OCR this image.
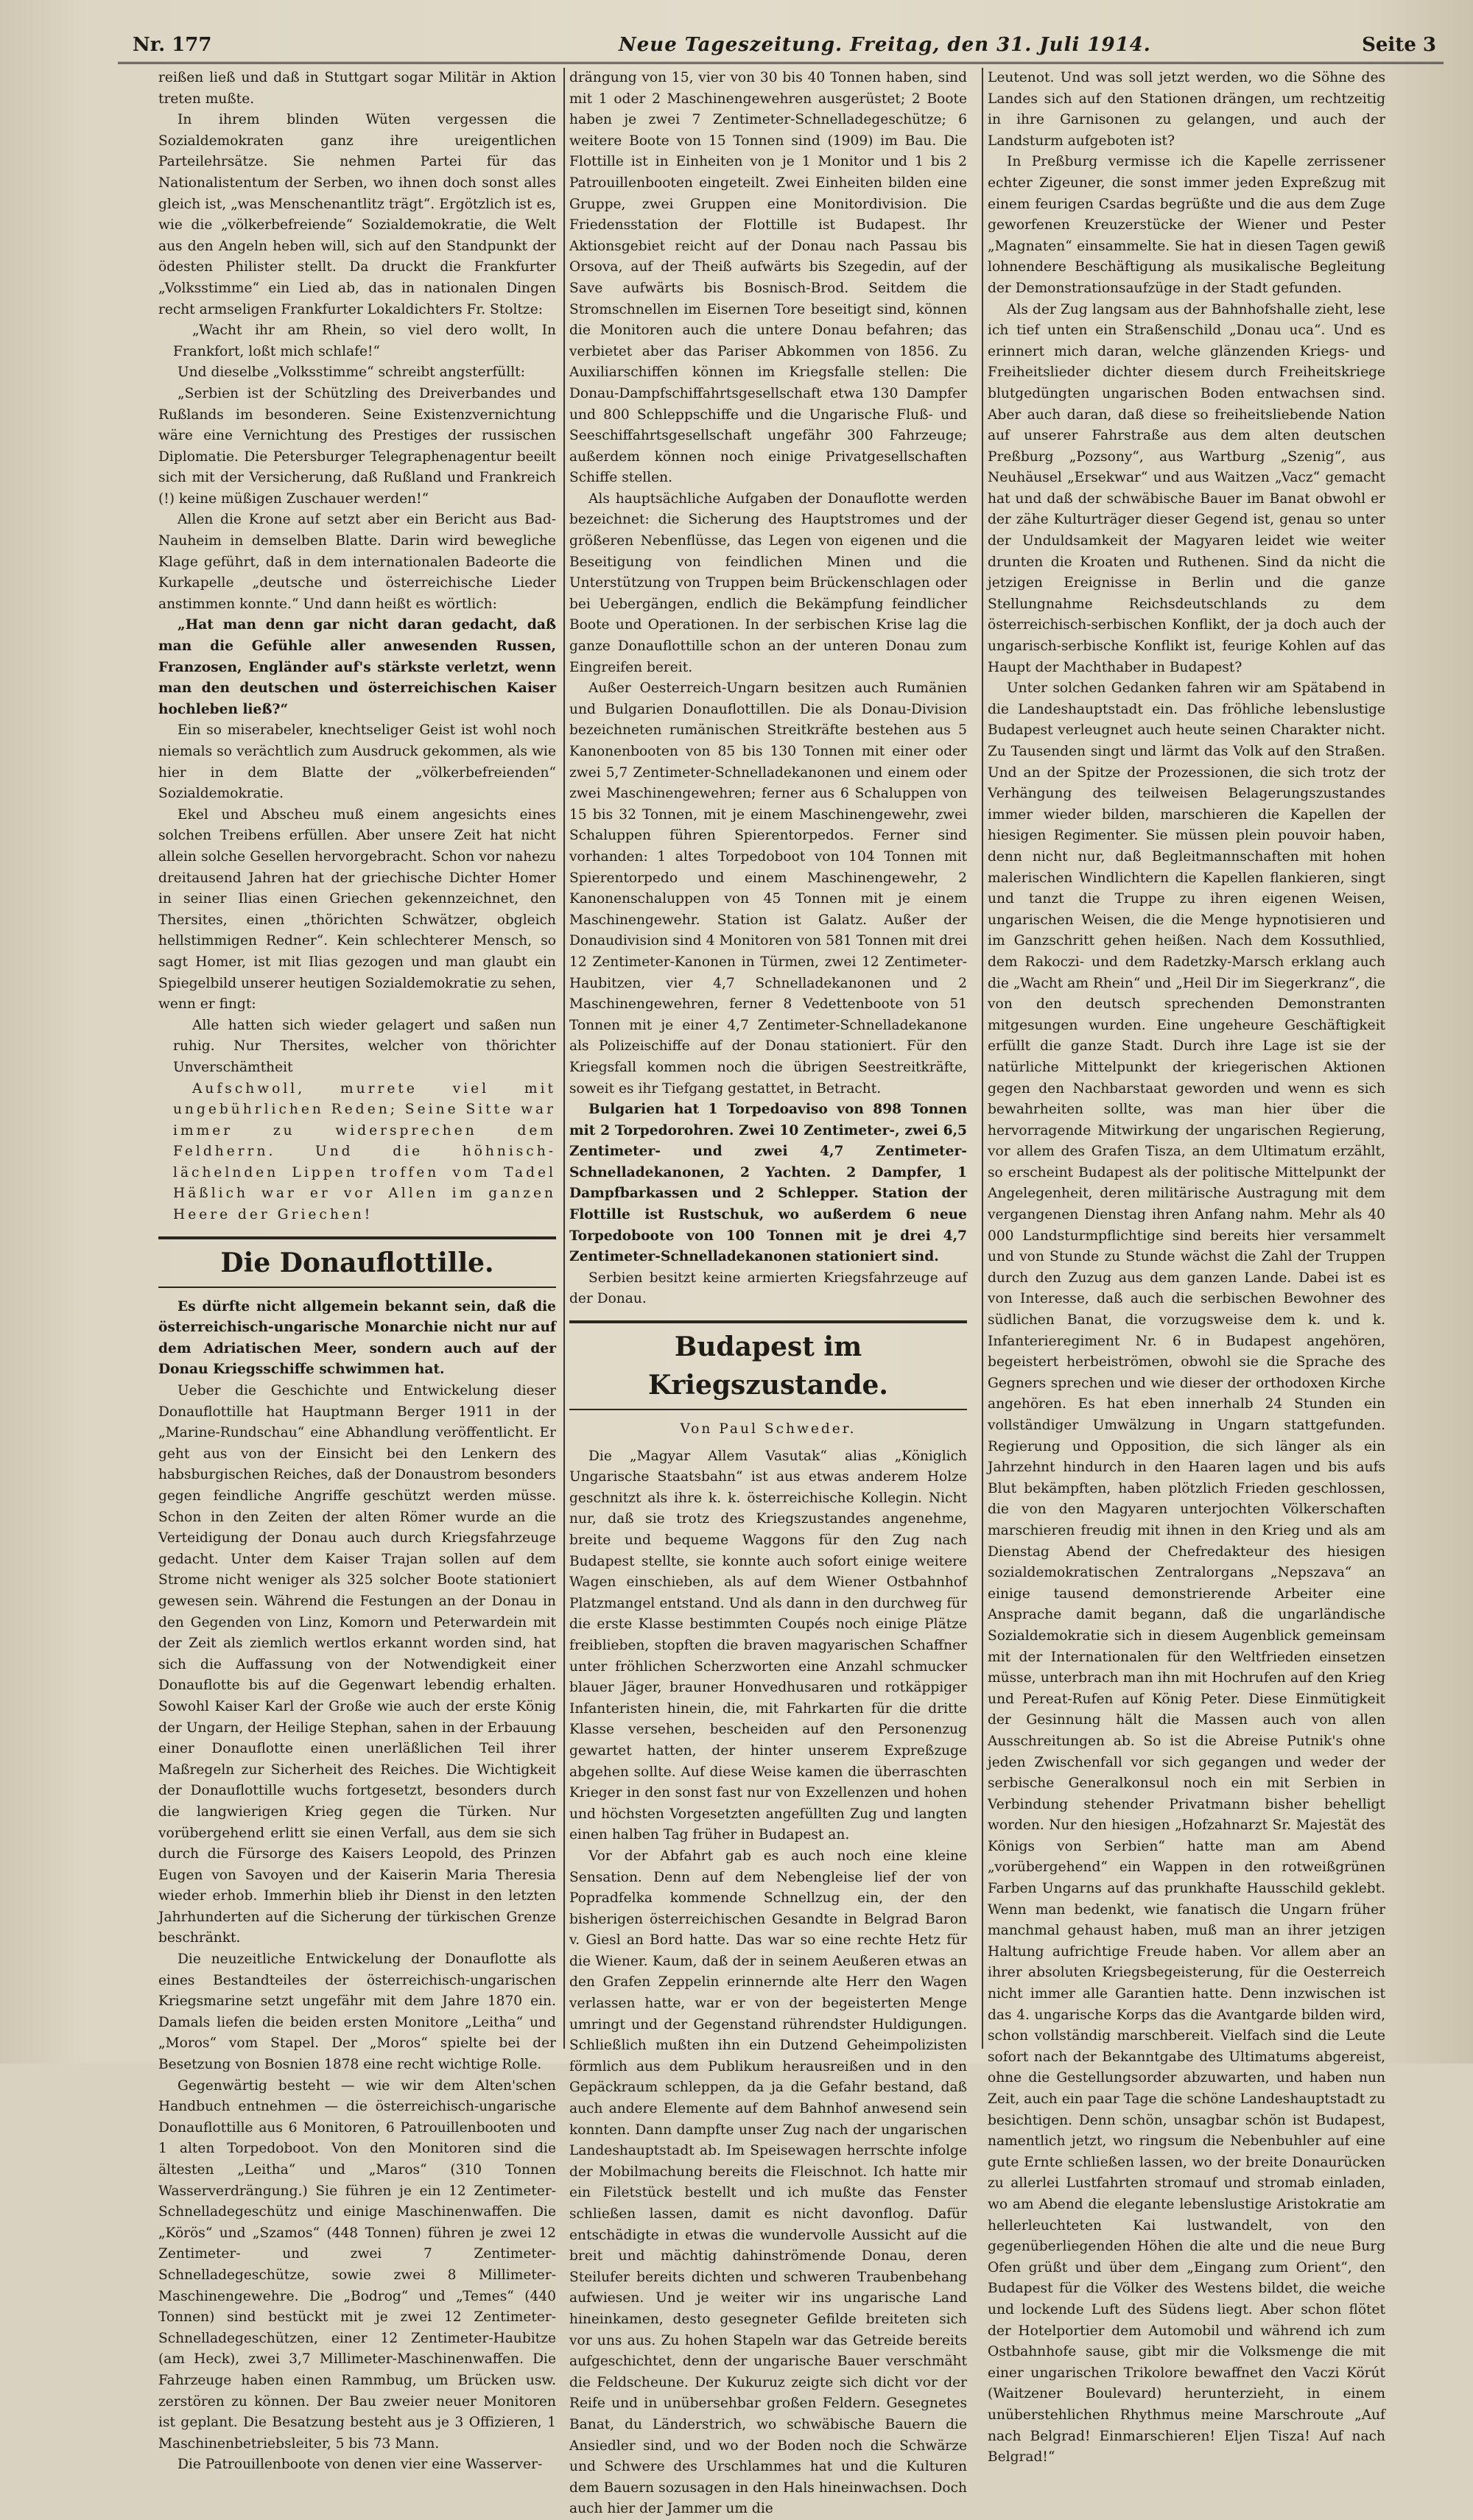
Nr. 177	Neue Tageszeitung. Freitag, den 31. Juli 1914.	Seite 3

reißen ließ und daß in Stuttgart sogar Militär in Aktion treten mußte.

In ihrem blinden Wüten vergessen die Sozialdemokraten ganz ihre ureigentlichen Parteilehrsätze. Sie nehmen Partei für das Nationalistentum der Serben, wo ihnen doch sonst alles gleich ist, „was Menschenantlitz trägt“. Ergötzlich ist es, wie die „völkerbefreiende“ Sozialdemokratie, die Welt aus den Angeln heben will, sich auf den Standpunkt der ödesten Philister stellt. Da druckt die Frankfurter „Volksstimme“ ein Lied ab, das in nationalen Dingen recht armseligen Frankfurter Lokaldichters Fr. Stoltze:

„Wacht ihr am Rhein, so viel dero wollt, In Frankfort, loßt mich schlafe!“

Und dieselbe „Volksstimme“ schreibt angsterfüllt:

„Serbien ist der Schützling des Dreiverbandes und Rußlands im besonderen. Seine Existenzvernichtung wäre eine Vernichtung des Prestiges der russischen Diplomatie. Die Petersburger Telegraphenagentur beeilt sich mit der Versicherung, daß Rußland und Frankreich (!) keine müßigen Zuschauer werden!“

Allen die Krone auf setzt aber ein Bericht aus Bad-Nauheim in demselben Blatte. Darin wird bewegliche Klage geführt, daß in dem internationalen Badeorte die Kurkapelle „deutsche und österreichische Lieder anstimmen konnte.“ Und dann heißt es wörtlich:

„Hat man denn gar nicht daran gedacht, daß man die Gefühle aller anwesenden Russen, Franzosen, Engländer auf's stärkste verletzt, wenn man den deutschen und österreichischen Kaiser hochleben ließ?“

Ein so miserabeler, knechtseliger Geist ist wohl noch niemals so verächtlich zum Ausdruck gekommen, als wie hier in dem Blatte der „völkerbefreienden“ Sozialdemokratie.

Ekel und Abscheu muß einem angesichts eines solchen Treibens erfüllen. Aber unsere Zeit hat nicht allein solche Gesellen hervorgebracht. Schon vor nahezu dreitausend Jahren hat der griechische Dichter Homer in seiner Ilias einen Griechen gekennzeichnet, den Thersites, einen „thörichten Schwätzer, obgleich hellstimmigen Redner“. Kein schlechterer Mensch, so sagt Homer, ist mit Ilias gezogen und man glaubt ein Spiegelbild unserer heutigen Sozialdemokratie zu sehen, wenn er fingt:

Alle hatten sich wieder gelagert und saßen nun ruhig. Nur Thersites, welcher von thörichter Unverschämtheit

Aufschwoll, murrete viel mit ungebührlichen Reden; Seine Sitte war immer zu widersprechen dem Feldherrn. Und die höhnisch-lächelnden Lippen troffen vom Tadel Häßlich war er vor Allen im ganzen Heere der Griechen!

Die Donauflottille.

Es dürfte nicht allgemein bekannt sein, daß die österreichisch-ungarische Monarchie nicht nur auf dem Adriatischen Meer, sondern auch auf der Donau Kriegsschiffe schwimmen hat.

Ueber die Geschichte und Entwickelung dieser Donauflottille hat Hauptmann Berger 1911 in der „Marine-Rundschau“ eine Abhandlung veröffentlicht. Er geht aus von der Einsicht bei den Lenkern des habsburgischen Reiches, daß der Donaustrom besonders gegen feindliche Angriffe geschützt werden müsse. Schon in den Zeiten der alten Römer wurde an die Verteidigung der Donau auch durch Kriegsfahrzeuge gedacht. Unter dem Kaiser Trajan sollen auf dem Strome nicht weniger als 325 solcher Boote stationiert gewesen sein. Während die Festungen an der Donau in den Gegenden von Linz, Komorn und Peterwardein mit der Zeit als ziemlich wertlos erkannt worden sind, hat sich die Auffassung von der Notwendigkeit einer Donauflotte bis auf die Gegenwart lebendig erhalten. Sowohl Kaiser Karl der Große wie auch der erste König der Ungarn, der Heilige Stephan, sahen in der Erbauung einer Donauflotte einen unerläßlichen Teil ihrer Maßregeln zur Sicherheit des Reiches. Die Wichtigkeit der Donauflottille wuchs fortgesetzt, besonders durch die langwierigen Krieg gegen die Türken. Nur vorübergehend erlitt sie einen Verfall, aus dem sie sich durch die Fürsorge des Kaisers Leopold, des Prinzen Eugen von Savoyen und der Kaiserin Maria Theresia wieder erhob. Immerhin blieb ihr Dienst in den letzten Jahrhunderten auf die Sicherung der türkischen Grenze beschränkt.

Die neuzeitliche Entwickelung der Donauflotte als eines Bestandteiles der österreichisch-ungarischen Kriegsmarine setzt ungefähr mit dem Jahre 1870 ein. Damals liefen die beiden ersten Monitore „Leitha“ und „Moros“ vom Stapel. Der „Moros“ spielte bei der Besetzung von Bosnien 1878 eine recht wichtige Rolle.

Gegenwärtig besteht — wie wir dem Alten'schen Handbuch entnehmen — die österreichisch-ungarische Donauflottille aus 6 Monitoren, 6 Patrouillenbooten und 1 alten Torpedoboot. Von den Monitoren sind die ältesten „Leitha“ und „Maros“ (310 Tonnen Wasserverdrängung.) Sie führen je ein 12 Zentimeter-Schnelladegeschütz und einige Maschinenwaffen. Die „Körös“ und „Szamos“ (448 Tonnen) führen je zwei 12 Zentimeter- und zwei 7 Zentimeter-Schnelladegeschütze, sowie zwei 8 Millimeter-Maschinengewehre. Die „Bodrog“ und „Temes“ (440 Tonnen) sind bestückt mit je zwei 12 Zentimeter-Schnelladegeschützen, einer 12 Zentimeter-Haubitze (am Heck), zwei 3,7 Millimeter-Maschinenwaffen. Die Fahrzeuge haben einen Rammbug, um Brücken usw. zerstören zu können. Der Bau zweier neuer Monitoren ist geplant. Die Besatzung besteht aus je 3 Offizieren, 1 Maschinenbetriebsleiter, 5 bis 73 Mann.

Die Patrouillenboote von denen vier eine Wasserver-

drängung von 15, vier von 30 bis 40 Tonnen haben, sind mit 1 oder 2 Maschinengewehren ausgerüstet; 2 Boote haben je zwei 7 Zentimeter-Schnelladegeschütze; 6 weitere Boote von 15 Tonnen sind (1909) im Bau. Die Flottille ist in Einheiten von je 1 Monitor und 1 bis 2 Patrouillenbooten eingeteilt. Zwei Einheiten bilden eine Gruppe, zwei Gruppen eine Monitordivision. Die Friedensstation der Flottille ist Budapest. Ihr Aktionsgebiet reicht auf der Donau nach Passau bis Orsova, auf der Theiß aufwärts bis Szegedin, auf der Save aufwärts bis Bosnisch-Brod. Seitdem die Stromschnellen im Eisernen Tore beseitigt sind, können die Monitoren auch die untere Donau befahren; das verbietet aber das Pariser Abkommen von 1856. Zu Auxiliarschiffen können im Kriegsfalle stellen: Die Donau-Dampfschiffahrtsgesellschaft etwa 130 Dampfer und 800 Schleppschiffe und die Ungarische Fluß- und Seeschiffahrtsgesellschaft ungefähr 300 Fahrzeuge; außerdem können noch einige Privatgesellschaften Schiffe stellen.

Als hauptsächliche Aufgaben der Donauflotte werden bezeichnet: die Sicherung des Hauptstromes und der größeren Nebenflüsse, das Legen von eigenen und die Beseitigung von feindlichen Minen und die Unterstützung von Truppen beim Brückenschlagen oder bei Uebergängen, endlich die Bekämpfung feindlicher Boote und Operationen. In der serbischen Krise lag die ganze Donauflottille schon an der unteren Donau zum Eingreifen bereit.

Außer Oesterreich-Ungarn besitzen auch Rumänien und Bulgarien Donauflottillen. Die als Donau-Division bezeichneten rumänischen Streitkräfte bestehen aus 5 Kanonenbooten von 85 bis 130 Tonnen mit einer oder zwei 5,7 Zentimeter-Schnelladekanonen und einem oder zwei Maschinengewehren; ferner aus 6 Schaluppen von 15 bis 32 Tonnen, mit je einem Maschinengewehr, zwei Schaluppen führen Spierentorpedos. Ferner sind vorhanden: 1 altes Torpedoboot von 104 Tonnen mit Spierentorpedo und einem Maschinengewehr, 2 Kanonenschaluppen von 45 Tonnen mit je einem Maschinengewehr. Station ist Galatz. Außer der Donaudivision sind 4 Monitoren von 581 Tonnen mit drei 12 Zentimeter-Kanonen in Türmen, zwei 12 Zentimeter-Haubitzen, vier 4,7 Schnelladekanonen und 2 Maschinengewehren, ferner 8 Vedettenboote von 51 Tonnen mit je einer 4,7 Zentimeter-Schnelladekanone als Polizeischiffe auf der Donau stationiert. Für den Kriegsfall kommen noch die übrigen Seestreitkräfte, soweit es ihr Tiefgang gestattet, in Betracht.

Bulgarien hat 1 Torpedoaviso von 898 Tonnen mit 2 Torpedorohren. Zwei 10 Zentimeter-, zwei 6,5 Zentimeter- und zwei 4,7 Zentimeter-Schnelladekanonen, 2 Yachten. 2 Dampfer, 1 Dampfbarkassen und 2 Schlepper. Station der Flottille ist Rustschuk, wo außerdem 6 neue Torpedoboote von 100 Tonnen mit je drei 4,7 Zentimeter-Schnelladekanonen stationiert sind.

Serbien besitzt keine armierten Kriegsfahrzeuge auf der Donau.

Budapest im Kriegszustande.
Von Paul Schweder.

Die „Magyar Allem Vasutak“ alias „Königlich Ungarische Staatsbahn“ ist aus etwas anderem Holze geschnitzt als ihre k. k. österreichische Kollegin. Nicht nur, daß sie trotz des Kriegszustandes angenehme, breite und bequeme Waggons für den Zug nach Budapest stellte, sie konnte auch sofort einige weitere Wagen einschieben, als auf dem Wiener Ostbahnhof Platzmangel entstand. Und als dann in den durchweg für die erste Klasse bestimmten Coupés noch einige Plätze freiblieben, stopften die braven magyarischen Schaffner unter fröhlichen Scherzworten eine Anzahl schmucker blauer Jäger, brauner Honvedhusaren und rotkäppiger Infanteristen hinein, die, mit Fahrkarten für die dritte Klasse versehen, bescheiden auf den Personenzug gewartet hatten, der hinter unserem Expreßzuge abgehen sollte. Auf diese Weise kamen die überraschten Krieger in den sonst fast nur von Exzellenzen und hohen und höchsten Vorgesetzten angefüllten Zug und langten einen halben Tag früher in Budapest an.

Vor der Abfahrt gab es auch noch eine kleine Sensation. Denn auf dem Nebengleise lief der von Popradfelka kommende Schnellzug ein, der den bisherigen österreichischen Gesandte in Belgrad Baron v. Giesl an Bord hatte. Das war so eine rechte Hetz für die Wiener. Kaum, daß der in seinem Aeußeren etwas an den Grafen Zeppelin erinnernde alte Herr den Wagen verlassen hatte, war er von der begeisterten Menge umringt und der Gegenstand rührendster Huldigungen. Schließlich mußten ihn ein Dutzend Geheimpolizisten förmlich aus dem Publikum herausreißen und in den Gepäckraum schleppen, da ja die Gefahr bestand, daß auch andere Elemente auf dem Bahnhof anwesend sein konnten. Dann dampfte unser Zug nach der ungarischen Landeshauptstadt ab. Im Speisewagen herrschte infolge der Mobilmachung bereits die Fleischnot. Ich hatte mir ein Filetstück bestellt und ich mußte das Fenster schließen lassen, damit es nicht davonflog. Dafür entschädigte in etwas die wundervolle Aussicht auf die breit und mächtig dahinströmende Donau, deren Steilufer bereits dichten und schweren Traubenbehang aufwiesen. Und je weiter wir ins ungarische Land hineinkamen, desto gesegneter Gefilde breiteten sich vor uns aus. Zu hohen Stapeln war das Getreide bereits aufgeschichtet, denn der ungarische Bauer verschmäht die Feldscheune. Der Kukuruz zeigte sich dicht vor der Reife und in unübersehbar großen Feldern. Gesegnetes Banat, du Länderstrich, wo schwäbische Bauern die Ansiedler sind, und wo der Boden noch die Schwärze und Schwere des Urschlammes hat und die Kulturen dem Bauern sozusagen in den Hals hineinwachsen. Doch auch hier der Jammer um die

Leutenot. Und was soll jetzt werden, wo die Söhne des Landes sich auf den Stationen drängen, um rechtzeitig in ihre Garnisonen zu gelangen, und auch der Landsturm aufgeboten ist?

In Preßburg vermisse ich die Kapelle zerrissener echter Zigeuner, die sonst immer jeden Expreßzug mit einem feurigen Csardas begrüßte und die aus dem Zuge geworfenen Kreuzerstücke der Wiener und Pester „Magnaten“ einsammelte. Sie hat in diesen Tagen gewiß lohnendere Beschäftigung als musikalische Begleitung der Demonstrationsaufzüge in der Stadt gefunden.

Als der Zug langsam aus der Bahnhofshalle zieht, lese ich tief unten ein Straßenschild „Donau uca“. Und es erinnert mich daran, welche glänzenden Kriegs- und Freiheitslieder dichter diesem durch Freiheitskriege blutgedüngten ungarischen Boden entwachsen sind. Aber auch daran, daß diese so freiheitsliebende Nation auf unserer Fahrstraße aus dem alten deutschen Preßburg „Pozsony“, aus Wartburg „Szenig“, aus Neuhäusel „Ersekwar“ und aus Waitzen „Vacz“ gemacht hat und daß der schwäbische Bauer im Banat obwohl er der zähe Kulturträger dieser Gegend ist, genau so unter der Unduldsamkeit der Magyaren leidet wie weiter drunten die Kroaten und Ruthenen. Sind da nicht die jetzigen Ereignisse in Berlin und die ganze Stellungnahme Reichsdeutschlands zu dem österreichisch-serbischen Konflikt, der ja doch auch der ungarisch-serbische Konflikt ist, feurige Kohlen auf das Haupt der Machthaber in Budapest?

Unter solchen Gedanken fahren wir am Spätabend in die Landeshauptstadt ein. Das fröhliche lebenslustige Budapest verleugnet auch heute seinen Charakter nicht. Zu Tausenden singt und lärmt das Volk auf den Straßen. Und an der Spitze der Prozessionen, die sich trotz der Verhängung des teilweisen Belagerungszustandes immer wieder bilden, marschieren die Kapellen der hiesigen Regimenter. Sie müssen plein pouvoir haben, denn nicht nur, daß Begleitmannschaften mit hohen malerischen Windlichtern die Kapellen flankieren, singt und tanzt die Truppe zu ihren eigenen Weisen, ungarischen Weisen, die die Menge hypnotisieren und im Ganzschritt gehen heißen. Nach dem Kossuthlied, dem Rakoczi- und dem Radetzky-Marsch erklang auch die „Wacht am Rhein“ und „Heil Dir im Siegerkranz“, die von den deutsch sprechenden Demonstranten mitgesungen wurden. Eine ungeheure Geschäftigkeit erfüllt die ganze Stadt. Durch ihre Lage ist sie der natürliche Mittelpunkt der kriegerischen Aktionen gegen den Nachbarstaat geworden und wenn es sich bewahrheiten sollte, was man hier über die hervorragende Mitwirkung der ungarischen Regierung, vor allem des Grafen Tisza, an dem Ultimatum erzählt, so erscheint Budapest als der politische Mittelpunkt der Angelegenheit, deren militärische Austragung mit dem vergangenen Dienstag ihren Anfang nahm. Mehr als 40 000 Landsturmpflichtige sind bereits hier versammelt und von Stunde zu Stunde wächst die Zahl der Truppen durch den Zuzug aus dem ganzen Lande. Dabei ist es von Interesse, daß auch die serbischen Bewohner des südlichen Banat, die vorzugsweise dem k. und k. Infanterieregiment Nr. 6 in Budapest angehören, begeistert herbeiströmen, obwohl sie die Sprache des Gegners sprechen und wie dieser der orthodoxen Kirche angehören. Es hat eben innerhalb 24 Stunden ein vollständiger Umwälzung in Ungarn stattgefunden. Regierung und Opposition, die sich länger als ein Jahrzehnt hindurch in den Haaren lagen und bis aufs Blut bekämpften, haben plötzlich Frieden geschlossen, die von den Magyaren unterjochten Völkerschaften marschieren freudig mit ihnen in den Krieg und als am Dienstag Abend der Chefredakteur des hiesigen sozialdemokratischen Zentralorgans „Nepszava“ an einige tausend demonstrierende Arbeiter eine Ansprache damit begann, daß die ungarländische Sozialdemokratie sich in diesem Augenblick gemeinsam mit der Internationalen für den Weltfrieden einsetzen müsse, unterbrach man ihn mit Hochrufen auf den Krieg und Pereat-Rufen auf König Peter. Diese Einmütigkeit der Gesinnung hält die Massen auch von allen Ausschreitungen ab. So ist die Abreise Putnik's ohne jeden Zwischenfall vor sich gegangen und weder der serbische Generalkonsul noch ein mit Serbien in Verbindung stehender Privatmann bisher behelligt worden. Nur den hiesigen „Hofzahnarzt Sr. Majestät des Königs von Serbien“ hatte man am Abend „vorübergehend“ ein Wappen in den rotweißgrünen Farben Ungarns auf das prunkhafte Hausschild geklebt. Wenn man bedenkt, wie fanatisch die Ungarn früher manchmal gehaust haben, muß man an ihrer jetzigen Haltung aufrichtige Freude haben. Vor allem aber an ihrer absoluten Kriegsbegeisterung, für die Oesterreich nicht immer alle Garantien hatte. Denn inzwischen ist das 4. ungarische Korps das die Avantgarde bilden wird, schon vollständig marschbereit. Vielfach sind die Leute sofort nach der Bekanntgabe des Ultimatums abgereist, ohne die Gestellungsorder abzuwarten, und haben nun Zeit, auch ein paar Tage die schöne Landeshauptstadt zu besichtigen. Denn schön, unsagbar schön ist Budapest, namentlich jetzt, wo ringsum die Nebenbuhler auf eine gute Ernte schließen lassen, wo der breite Donaurücken zu allerlei Lustfahrten stromauf und stromab einladen, wo am Abend die elegante lebenslustige Aristokratie am hellerleuchteten Kai lustwandelt, von den gegenüberliegenden Höhen die alte und die neue Burg Ofen grüßt und über dem „Eingang zum Orient“, den Budapest für die Völker des Westens bildet, die weiche und lockende Luft des Südens liegt. Aber schon flötet der Hotelportier dem Automobil und während ich zum Ostbahnhofe sause, gibt mir die Volksmenge die mit einer ungarischen Trikolore bewaffnet den Vaczi Körút (Waitzener Boulevard) herunterzieht, in einem unüberstehlichen Rhythmus meine Marschroute „Auf nach Belgrad! Einmarschieren! Eljen Tisza! Auf nach Belgrad!“
